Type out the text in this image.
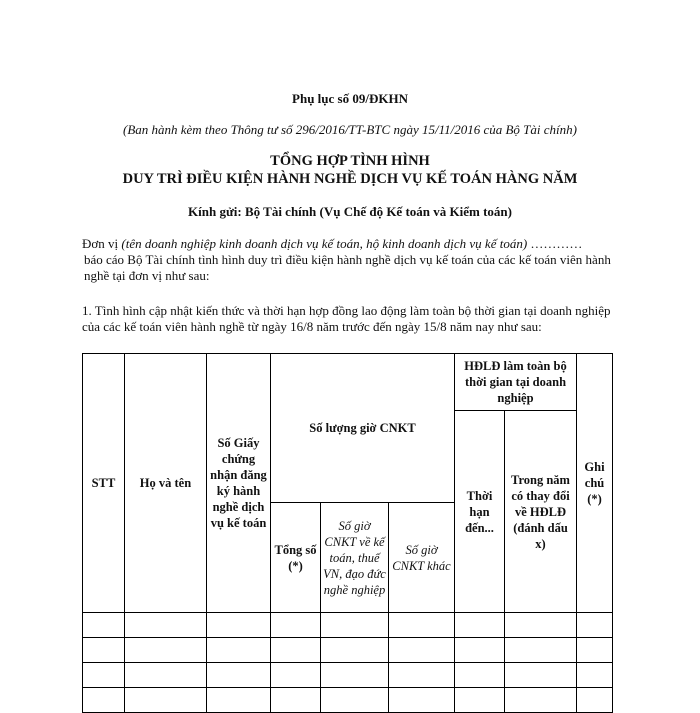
Phụ lục số 09/ĐKHN
(Ban hành kèm theo Thông tư số 296/2016/TT-BTC ngày 15/11/2016 của Bộ Tài chính)
TỔNG HỢP TÌNH HÌNH
DUY TRÌ ĐIỀU KIỆN HÀNH NGHỀ DỊCH VỤ KẾ TOÁN HÀNG NĂM
Kính gửi: Bộ Tài chính (Vụ Chế độ Kế toán và Kiểm toán)
Đơn vị (tên doanh nghiệp kinh doanh dịch vụ kế toán, hộ kinh doanh dịch vụ kế toán) …………
báo cáo Bộ Tài chính tình hình duy trì điều kiện hành nghề dịch vụ kế toán của các kế toán viên hành nghề tại đơn vị như sau:
1. Tình hình cập nhật kiến thức và thời hạn hợp đồng lao động làm toàn bộ thời gian tại doanh nghiệp của các kế toán viên hành nghề từ ngày 16/8 năm trước đến ngày 15/8 năm nay như sau:
STT	Họ và tên	Số Giấy chứng nhận đăng ký hành nghề dịch vụ kế toán	Số lượng giờ CNKT			HĐLĐ làm toàn bộ thời gian tại doanh nghiệp		Ghi chú (*)
						Thời hạn đến...	Trong năm có thay đổi về HĐLĐ (đánh dấu x)	
			Tổng số (*)	Số giờ CNKT về kế toán, thuế VN, đạo đức nghề nghiệp	Số giờ CNKT khác			
